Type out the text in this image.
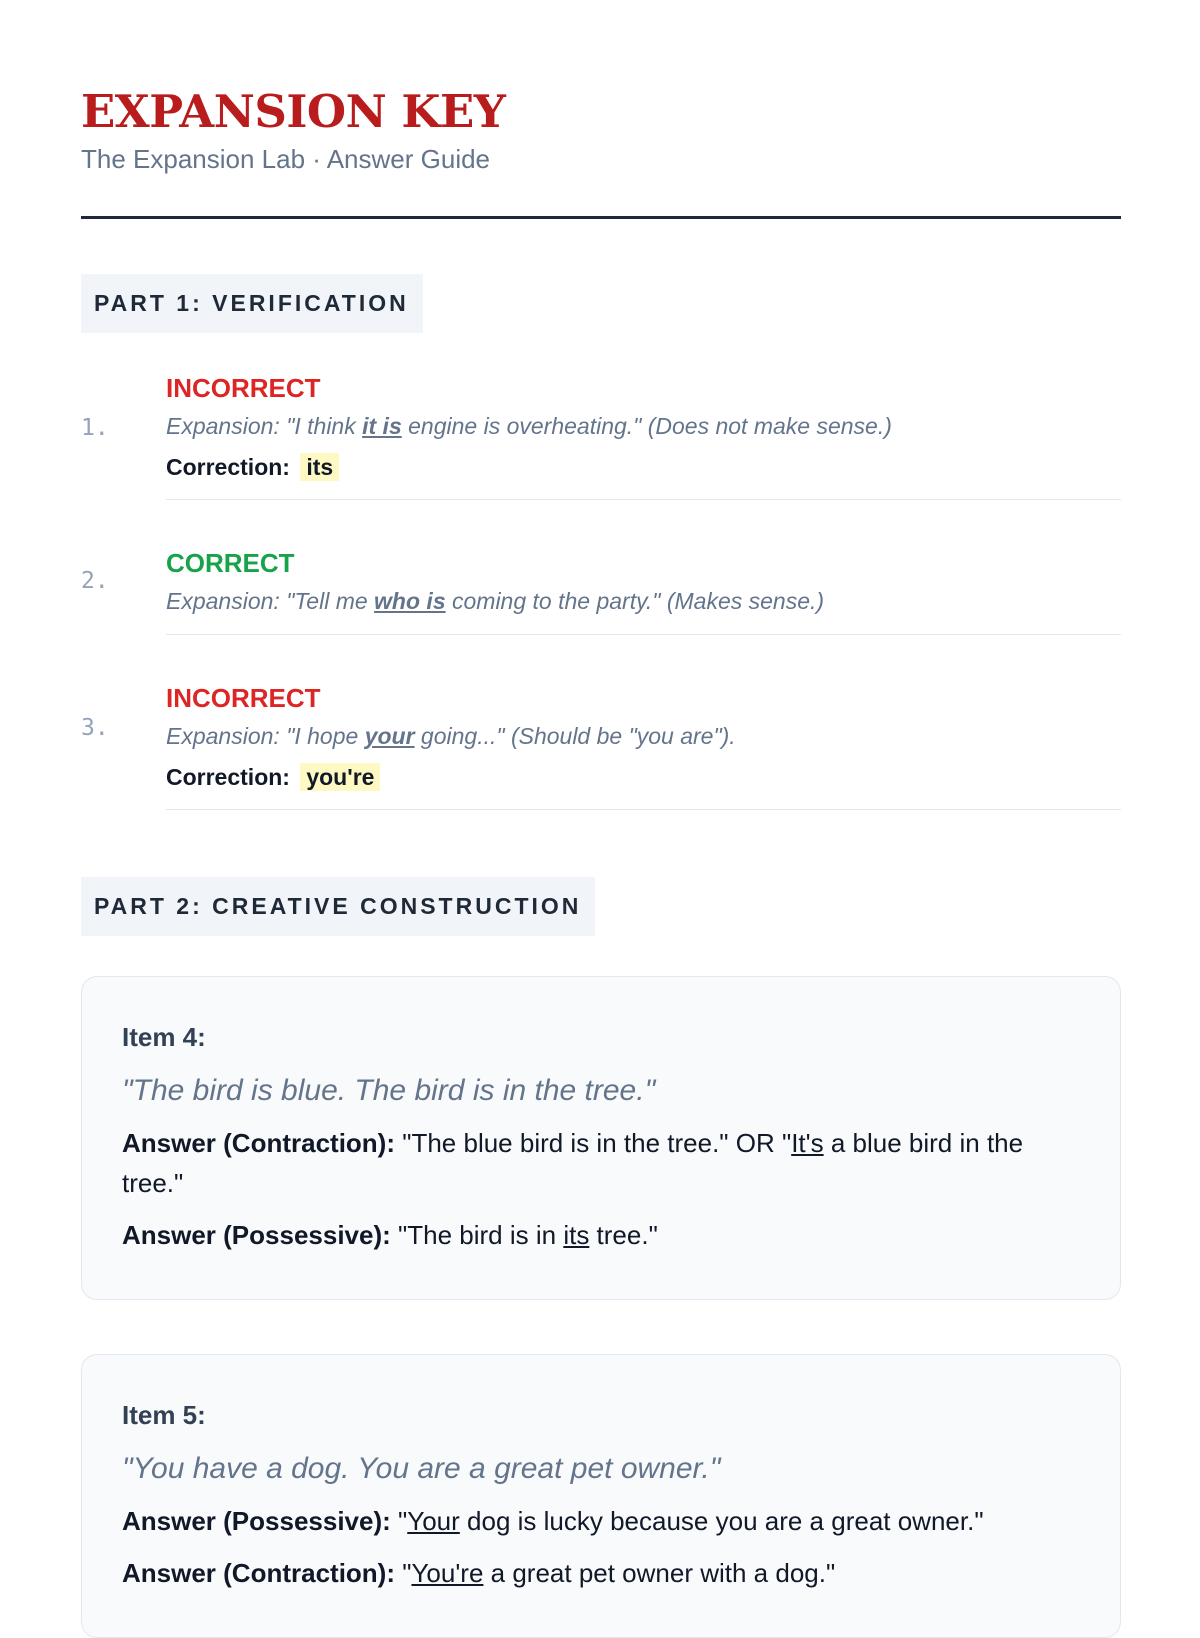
EXPANSION KEY
The Expansion Lab · Answer Guide
PART 1: VERIFICATION
1.
INCORRECT
Expansion: "I think it is engine is overheating." (Does not make sense.)
Correction: its
2.
CORRECT
Expansion: "Tell me who is coming to the party." (Makes sense.)
3.
INCORRECT
Expansion: "I hope your going..." (Should be "you are").
Correction: you're
PART 2: CREATIVE CONSTRUCTION
Item 4:
"The bird is blue. The bird is in the tree."
Answer (Contraction): "The blue bird is in the tree." OR "It's a blue bird in the tree."
Answer (Possessive): "The bird is in its tree."
Item 5:
"You have a dog. You are a great pet owner."
Answer (Possessive): "Your dog is lucky because you are a great owner."
Answer (Contraction): "You're a great pet owner with a dog."
